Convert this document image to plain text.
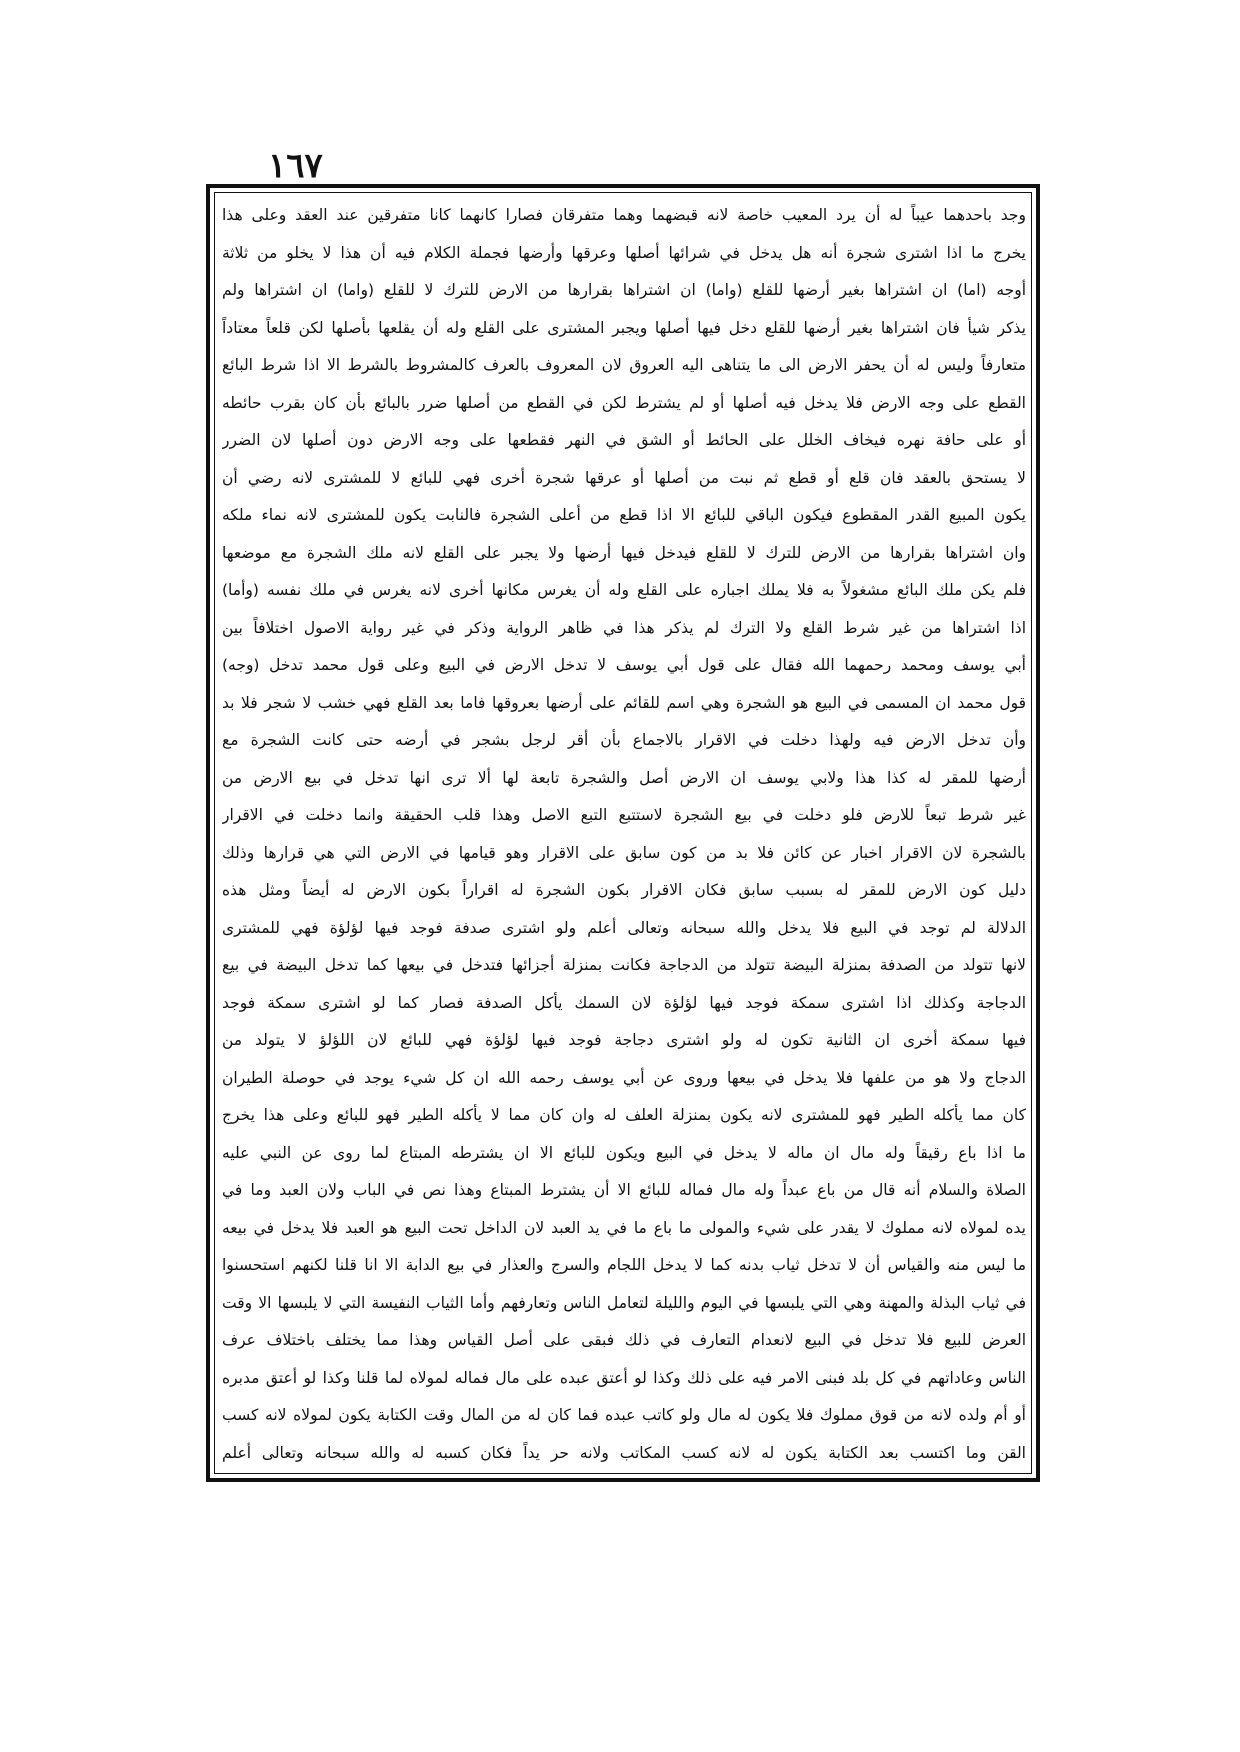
١٦٧
وجد باحدهما عيباً له أن يرد المعيب خاصة لانه قبضهما وهما متفرقان فصارا كانهما كانا متفرقين عند العقد وعلى هذا
يخرج ما اذا اشترى شجرة أنه هل يدخل في شرائها أصلها وعرقها وأرضها فجملة الكلام فيه أن هذا لا يخلو من ثلاثة
أوجه (اما) ان اشتراها بغير أرضها للقلع (واما) ان اشتراها بقرارها من الارض للترك لا للقلع (واما) ان اشتراها ولم
يذكر شيأ فان اشتراها بغير أرضها للقلع دخل فيها أصلها ويجبر المشترى على القلع وله أن يقلعها بأصلها لكن قلعاً معتاداً
متعارفاً وليس له أن يحفر الارض الى ما يتناهى اليه العروق لان المعروف بالعرف كالمشروط بالشرط الا اذا شرط البائع
القطع على وجه الارض فلا يدخل فيه أصلها أو لم يشترط لكن في القطع من أصلها ضرر بالبائع بأن كان بقرب حائطه
أو على حافة نهره فيخاف الخلل على الحائط أو الشق في النهر فقطعها على وجه الارض دون أصلها لان الضرر
لا يستحق بالعقد فان قلع أو قطع ثم نبت من أصلها أو عرقها شجرة أخرى فهي للبائع لا للمشترى لانه رضي أن
يكون المبيع القدر المقطوع فيكون الباقي للبائع الا اذا قطع من أعلى الشجرة فالنابت يكون للمشترى لانه نماء ملكه
وان اشتراها بقرارها من الارض للترك لا للقلع فيدخل فيها أرضها ولا يجبر على القلع لانه ملك الشجرة مع موضعها
فلم يكن ملك البائع مشغولاً به فلا يملك اجباره على القلع وله أن يغرس مكانها أخرى لانه يغرس في ملك نفسه (وأما)
اذا اشتراها من غير شرط القلع ولا الترك لم يذكر هذا في ظاهر الرواية وذكر في غير رواية الاصول اختلافاً بين
أبي يوسف ومحمد رحمهما الله فقال على قول أبي يوسف لا تدخل الارض في البيع وعلى قول محمد تدخل (وجه)
قول محمد ان المسمى في البيع هو الشجرة وهي اسم للقائم على أرضها بعروقها فاما بعد القلع فهي خشب لا شجر فلا بد
وأن تدخل الارض فيه ولهذا دخلت في الاقرار بالاجماع بأن أقر لرجل بشجر في أرضه حتى كانت الشجرة مع
أرضها للمقر له كذا هذا ولابي يوسف ان الارض أصل والشجرة تابعة لها ألا ترى انها تدخل في بيع الارض من
غير شرط تبعاً للارض فلو دخلت في بيع الشجرة لاستتبع التبع الاصل وهذا قلب الحقيقة وانما دخلت في الاقرار
بالشجرة لان الاقرار اخبار عن كائن فلا بد من كون سابق على الاقرار وهو قيامها في الارض التي هي قرارها وذلك
دليل كون الارض للمقر له بسبب سابق فكان الاقرار بكون الشجرة له اقراراً بكون الارض له أيضاً ومثل هذه
الدلالة لم توجد في البيع فلا يدخل والله سبحانه وتعالى أعلم ولو اشترى صدفة فوجد فيها لؤلؤة فهي للمشترى
لانها تتولد من الصدفة بمنزلة البيضة تتولد من الدجاجة فكانت بمنزلة أجزائها فتدخل في بيعها كما تدخل البيضة في بيع
الدجاجة وكذلك اذا اشترى سمكة فوجد فيها لؤلؤة لان السمك يأكل الصدفة فصار كما لو اشترى سمكة فوجد
فيها سمكة أخرى ان الثانية تكون له ولو اشترى دجاجة فوجد فيها لؤلؤة فهي للبائع لان اللؤلؤ لا يتولد من
الدجاج ولا هو من علفها فلا يدخل في بيعها وروى عن أبي يوسف رحمه الله ان كل شيء يوجد في حوصلة الطيران
كان مما يأكله الطير فهو للمشترى لانه يكون بمنزلة العلف له وان كان مما لا يأكله الطير فهو للبائع وعلى هذا يخرج
ما اذا باع رقيقاً وله مال ان ماله لا يدخل في البيع ويكون للبائع الا ان يشترطه المبتاع لما روى عن النبي عليه
الصلاة والسلام أنه قال من باع عبداً وله مال فماله للبائع الا أن يشترط المبتاع وهذا نص في الباب ولان العبد وما في
يده لمولاه لانه مملوك لا يقدر على شيء والمولى ما باع ما في يد العبد لان الداخل تحت البيع هو العبد فلا يدخل في بيعه
ما ليس منه والقياس أن لا تدخل ثياب بدنه كما لا يدخل اللجام والسرج والعذار في بيع الدابة الا انا قلنا لكنهم استحسنوا
في ثياب البذلة والمهنة وهي التي يلبسها في اليوم والليلة لتعامل الناس وتعارفهم وأما الثياب النفيسة التي لا يلبسها الا وقت
العرض للبيع فلا تدخل في البيع لانعدام التعارف في ذلك فبقى على أصل القياس وهذا مما يختلف باختلاف عرف
الناس وعاداتهم في كل بلد فبنى الامر فيه على ذلك وكذا لو أعتق عبده على مال فماله لمولاه لما قلنا وكذا لو أعتق مدبره
أو أم ولده لانه من قوق مملوك فلا يكون له مال ولو كاتب عبده فما كان له من المال وقت الكتابة يكون لمولاه لانه كسب
القن وما اكتسب بعد الكتابة يكون له لانه كسب المكاتب ولانه حر يداً فكان كسبه له والله سبحانه وتعالى أعلم
